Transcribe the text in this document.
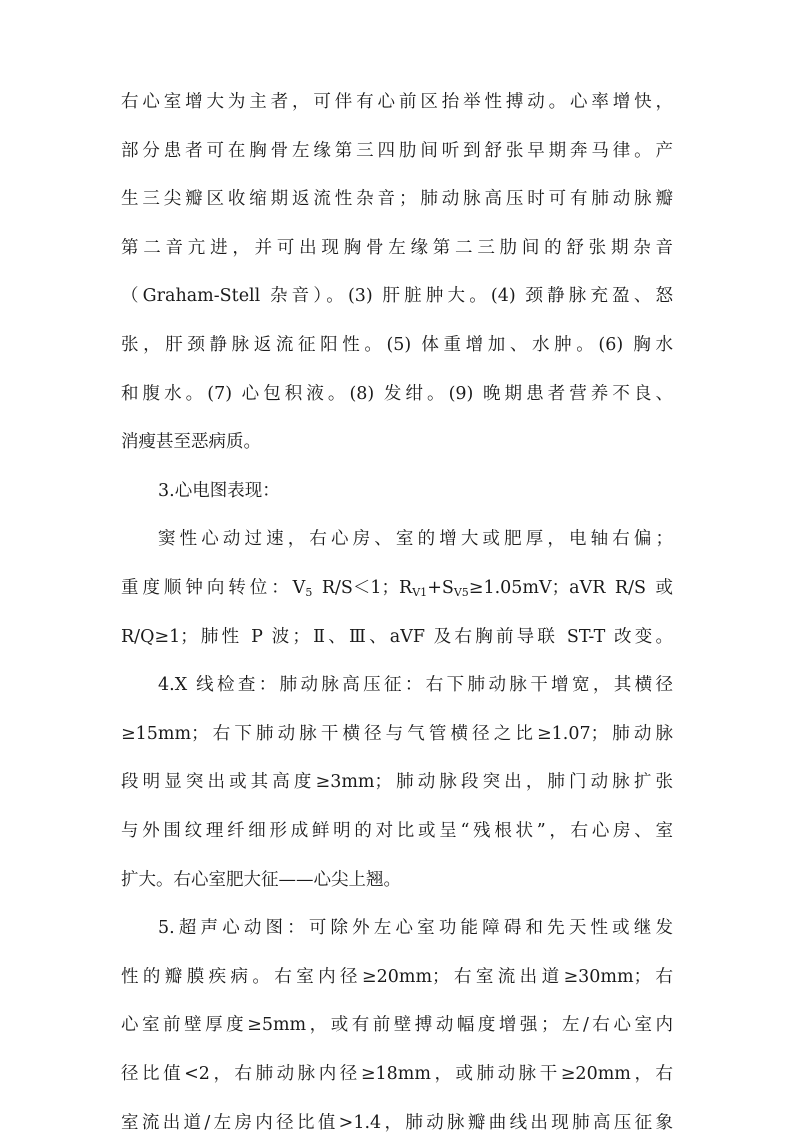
右心室增大为主者，可伴有心前区抬举性搏动。心率增快，
部分患者可在胸骨左缘第三四肋间听到舒张早期奔马律。产
生三尖瓣区收缩期返流性杂音；肺动脉高压时可有肺动脉瓣
第二音亢进，并可出现胸骨左缘第二三肋间的舒张期杂音
（Graham-Stell 杂音）。(3) 肝脏肿大。(4) 颈静脉充盈、怒
张，肝颈静脉返流征阳性。(5) 体重增加、水肿。(6) 胸水
和腹水。(7) 心包积液。(8) 发绀。(9) 晚期患者营养不良、
消瘦甚至恶病质。
3.心电图表现：
窦性心动过速，右心房、室的增大或肥厚，电轴右偏；
重度顺钟向转位：$V_5$ R/S＜1；$R_{V1}+S_{V5}\ge 1.05mV$；aVR R/S 或
R/Q≥1；肺性 P 波；Ⅱ、Ⅲ、aVF 及右胸前导联 ST-T 改变。
4.X 线检查：肺动脉高压征：右下肺动脉干增宽，其横径
≥15mm；右下肺动脉干横径与气管横径之比≥1.07；肺动脉
段明显突出或其高度≥3mm；肺动脉段突出，肺门动脉扩张
与外围纹理纤细形成鲜明的对比或呈“残根状”，右心房、室
扩大。右心室肥大征——心尖上翘。
5.超声心动图：可除外左心室功能障碍和先天性或继发
性的瓣膜疾病。右室内径≥20mm；右室流出道≥30mm；右
心室前壁厚度≥5mm，或有前壁搏动幅度增强；左/右心室内
径比值<2，右肺动脉内径≥18mm，或肺动脉干≥20mm，右
室流出道/左房内径比值>1.4，肺动脉瓣曲线出现肺高压征象
